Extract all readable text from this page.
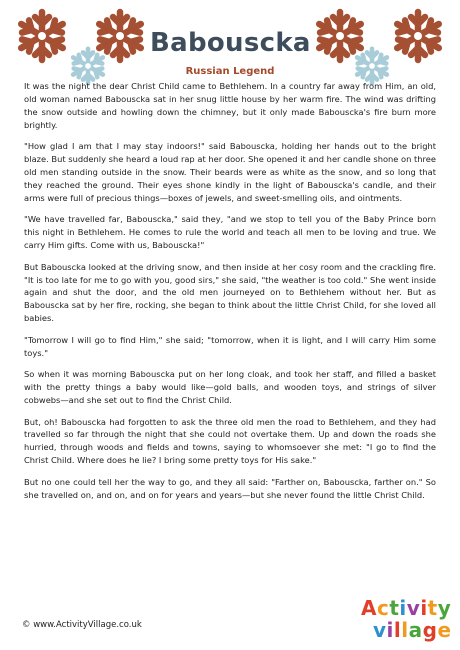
Babouscka
Russian Legend

It was the night the dear Christ Child came to Bethlehem. In a country far away from Him, an old, old woman named Babouscka sat in her snug little house by her warm fire. The wind was drifting the snow outside and howling down the chimney, but it only made Babouscka's fire burn more brightly.

"How glad I am that I may stay indoors!" said Babouscka, holding her hands out to the bright blaze. But suddenly she heard a loud rap at her door. She opened it and her candle shone on three old men standing outside in the snow. Their beards were as white as the snow, and so long that they reached the ground. Their eyes shone kindly in the light of Babouscka's candle, and their arms were full of precious things—boxes of jewels, and sweet-smelling oils, and ointments.

"We have travelled far, Babouscka," said they, "and we stop to tell you of the Baby Prince born this night in Bethlehem. He comes to rule the world and teach all men to be loving and true. We carry Him gifts. Come with us, Babouscka!"

But Babouscka looked at the driving snow, and then inside at her cosy room and the crackling fire. "It is too late for me to go with you, good sirs," she said, "the weather is too cold." She went inside again and shut the door, and the old men journeyed on to Bethlehem without her. But as Babouscka sat by her fire, rocking, she began to think about the little Christ Child, for she loved all babies.

"Tomorrow I will go to find Him," she said; "tomorrow, when it is light, and I will carry Him some toys."

So when it was morning Babouscka put on her long cloak, and took her staff, and filled a basket with the pretty things a baby would like—gold balls, and wooden toys, and strings of silver cobwebs—and she set out to find the Christ Child.

But, oh! Babouscka had forgotten to ask the three old men the road to Bethlehem, and they had travelled so far through the night that she could not overtake them. Up and down the roads she hurried, through woods and fields and towns, saying to whomsoever she met: "I go to find the Christ Child. Where does he lie? I bring some pretty toys for His sake."

But no one could tell her the way to go, and they all said: "Farther on, Babouscka, farther on." So she travelled on, and on, and on for years and years—but she never found the little Christ Child.

© www.ActivityVillage.co.uk
Activity
village
